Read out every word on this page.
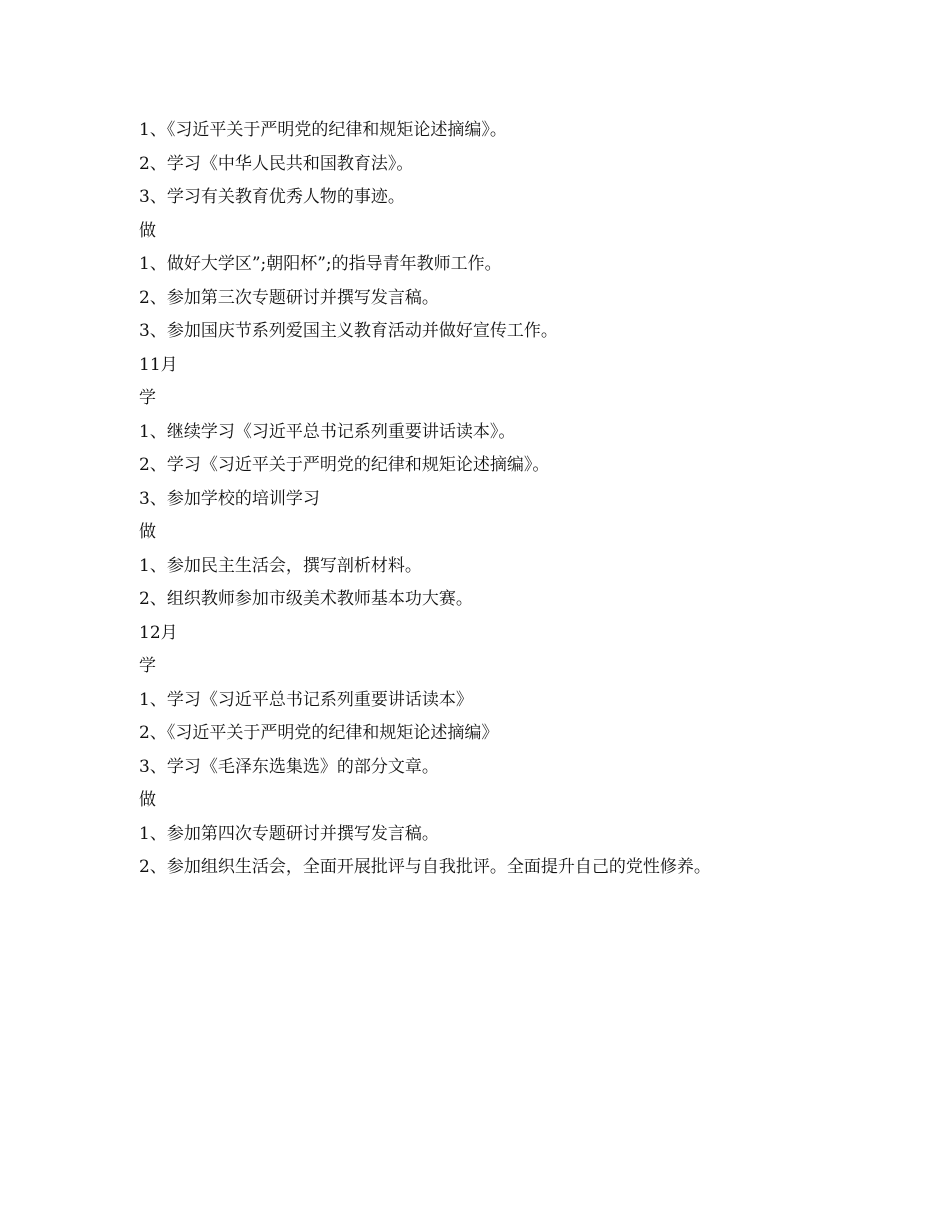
1、《习近平关于严明党的纪律和规矩论述摘编》。
2、学习《中华人民共和国教育法》。
3、学习有关教育优秀人物的事迹。
做
1、做好大学区”;朝阳杯”;的指导青年教师工作。
2、参加第三次专题研讨并撰写发言稿。
3、参加国庆节系列爱国主义教育活动并做好宣传工作。
11月
学
1、继续学习《习近平总书记系列重要讲话读本》。
2、学习《习近平关于严明党的纪律和规矩论述摘编》。
3、参加学校的培训学习
做
1、参加民主生活会，撰写剖析材料。
2、组织教师参加市级美术教师基本功大赛。
12月
学
1、学习《习近平总书记系列重要讲话读本》
2、《习近平关于严明党的纪律和规矩论述摘编》
3、学习《毛泽东选集选》的部分文章。
做
1、参加第四次专题研讨并撰写发言稿。
2、参加组织生活会，全面开展批评与自我批评。全面提升自己的党性修养。
